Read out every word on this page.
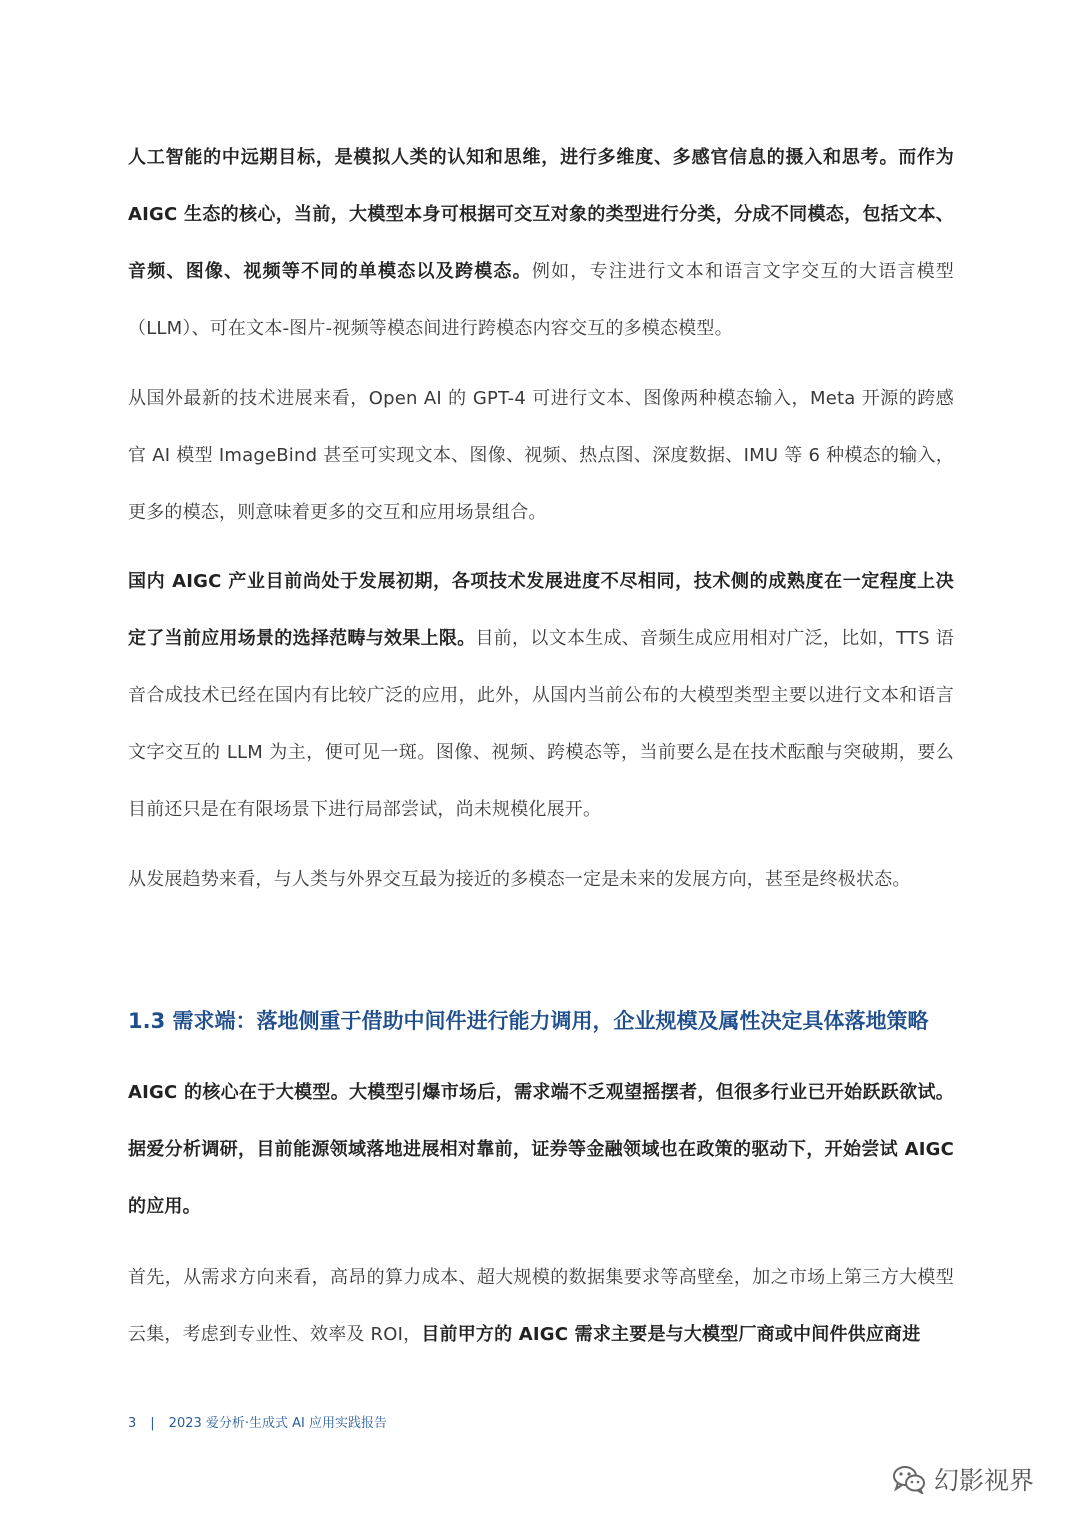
人工智能的中远期目标，是模拟人类的认知和思维，进行多维度、多感官信息的摄入和思考。而作为 AIGC 生态的核心，当前，大模型本身可根据可交互对象的类型进行分类，分成不同模态，包括文本、音频、图像、视频等不同的单模态以及跨模态。例如，专注进行文本和语言文字交互的大语言模型（LLM）、可在文本-图片-视频等模态间进行跨模态内容交互的多模态模型。

从国外最新的技术进展来看，Open AI 的 GPT-4 可进行文本、图像两种模态输入，Meta 开源的跨感官 AI 模型 ImageBind 甚至可实现文本、图像、视频、热点图、深度数据、IMU 等 6 种模态的输入，更多的模态，则意味着更多的交互和应用场景组合。

国内 AIGC 产业目前尚处于发展初期，各项技术发展进度不尽相同，技术侧的成熟度在一定程度上决定了当前应用场景的选择范畴与效果上限。目前，以文本生成、音频生成应用相对广泛，比如，TTS 语音合成技术已经在国内有比较广泛的应用，此外，从国内当前公布的大模型类型主要以进行文本和语言文字交互的 LLM 为主，便可见一斑。图像、视频、跨模态等，当前要么是在技术酝酿与突破期，要么目前还只是在有限场景下进行局部尝试，尚未规模化展开。

从发展趋势来看，与人类与外界交互最为接近的多模态一定是未来的发展方向，甚至是终极状态。

1.3 需求端：落地侧重于借助中间件进行能力调用，企业规模及属性决定具体落地策略

AIGC 的核心在于大模型。大模型引爆市场后，需求端不乏观望摇摆者，但很多行业已开始跃跃欲试。据爱分析调研，目前能源领域落地进展相对靠前，证券等金融领域也在政策的驱动下，开始尝试 AIGC 的应用。

首先，从需求方向来看，高昂的算力成本、超大规模的数据集要求等高壁垒，加之市场上第三方大模型云集，考虑到专业性、效率及 ROI，目前甲方的 AIGC 需求主要是与大模型厂商或中间件供应商进

3 | 2023 爱分析·生成式 AI 应用实践报告
幻影视界
